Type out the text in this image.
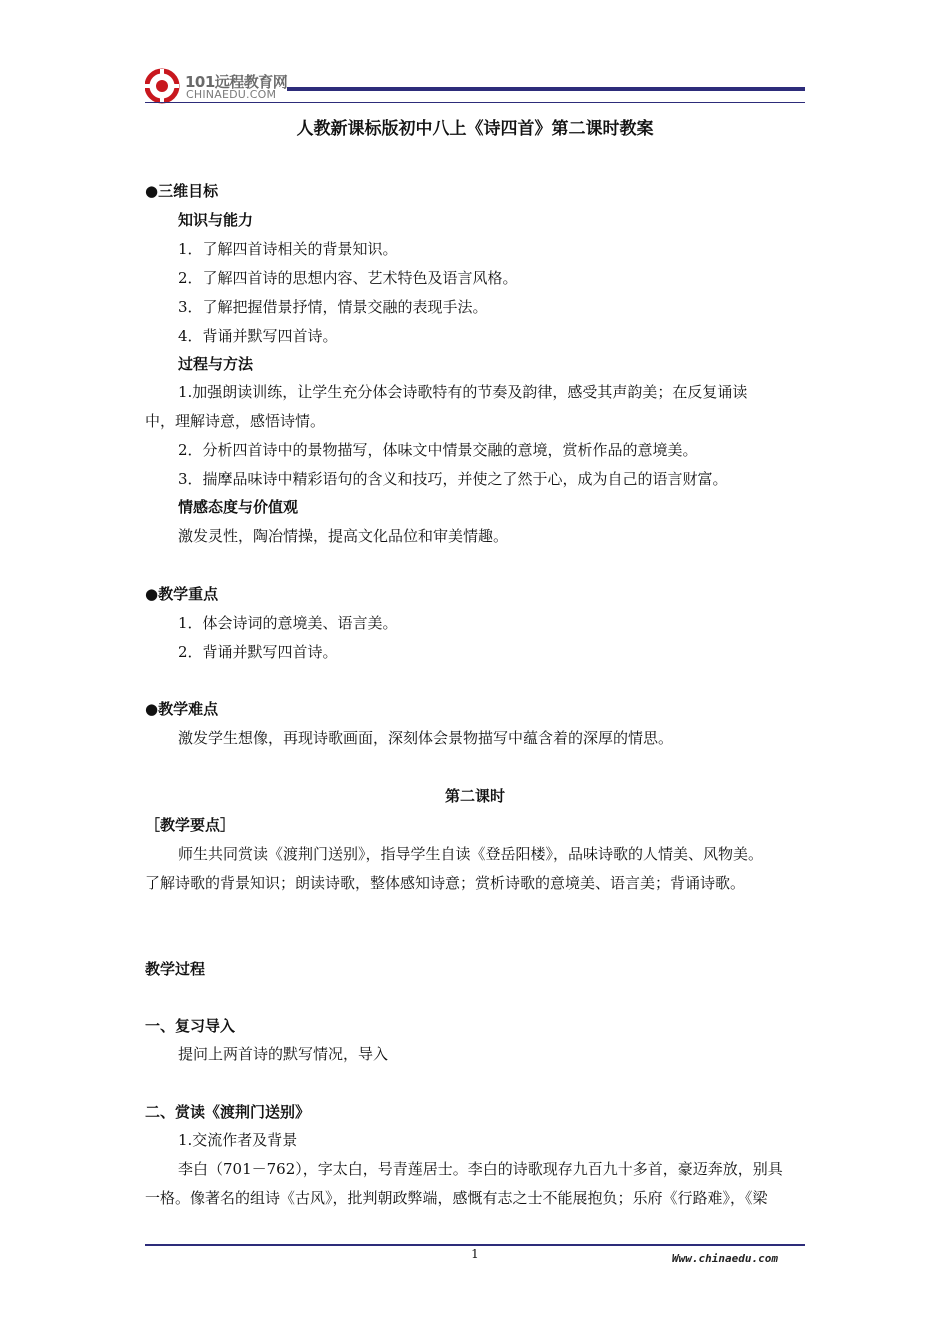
101远程教育网
CHINAEDU.COM
人教新课标版初中八上《诗四首》第二课时教案
●三维目标
知识与能力
1．了解四首诗相关的背景知识。
2．了解四首诗的思想内容、艺术特色及语言风格。
3．了解把握借景抒情，情景交融的表现手法。
4．背诵并默写四首诗。
过程与方法
1.加强朗读训练，让学生充分体会诗歌特有的节奏及韵律，感受其声韵美；在反复诵读
中，理解诗意，感悟诗情。
2．分析四首诗中的景物描写，体味文中情景交融的意境，赏析作品的意境美。
3．揣摩品味诗中精彩语句的含义和技巧，并使之了然于心，成为自己的语言财富。
情感态度与价值观
激发灵性，陶冶情操，提高文化品位和审美情趣。
●教学重点
1．体会诗词的意境美、语言美。
2．背诵并默写四首诗。
●教学难点
激发学生想像，再现诗歌画面，深刻体会景物描写中蕴含着的深厚的情思。
第二课时
［教学要点］
师生共同赏读《渡荆门送别》，指导学生自读《登岳阳楼》，品味诗歌的人情美、风物美。
了解诗歌的背景知识；朗读诗歌，整体感知诗意；赏析诗歌的意境美、语言美；背诵诗歌。
教学过程
一、复习导入
提问上两首诗的默写情况，导入
二、赏读《渡荆门送别》
1.交流作者及背景
李白（701－762），字太白，号青莲居士。李白的诗歌现存九百九十多首，豪迈奔放，别具
一格。像著名的组诗《古风》，批判朝政弊端，感慨有志之士不能展抱负；乐府《行路难》，《梁
1	Www.chinaedu.com
